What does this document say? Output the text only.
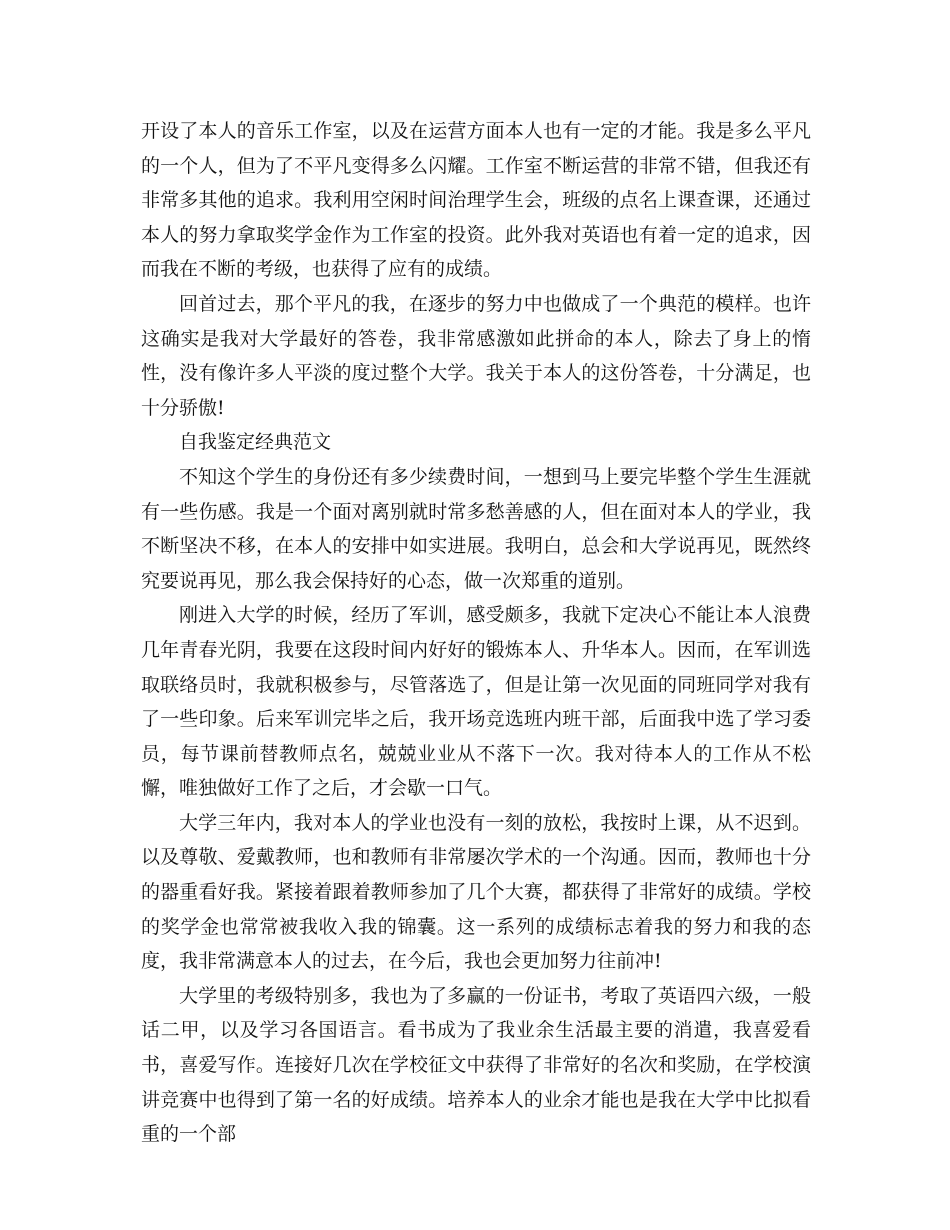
开设了本人的音乐工作室，以及在运营方面本人也有一定的才能。我是多么平凡的一个人，但为了不平凡变得多么闪耀。工作室不断运营的非常不错，但我还有非常多其他的追求。我利用空闲时间治理学生会，班级的点名上课查课，还通过本人的努力拿取奖学金作为工作室的投资。此外我对英语也有着一定的追求，因而我在不断的考级，也获得了应有的成绩。

回首过去，那个平凡的我，在逐步的努力中也做成了一个典范的模样。也许这确实是我对大学最好的答卷，我非常感激如此拼命的本人，除去了身上的惰性，没有像许多人平淡的度过整个大学。我关于本人的这份答卷，十分满足，也十分骄傲!

自我鉴定经典范文

不知这个学生的身份还有多少续费时间，一想到马上要完毕整个学生生涯就有一些伤感。我是一个面对离别就时常多愁善感的人，但在面对本人的学业，我不断坚决不移，在本人的安排中如实进展。我明白，总会和大学说再见，既然终究要说再见，那么我会保持好的心态，做一次郑重的道别。

刚进入大学的时候，经历了军训，感受颇多，我就下定决心不能让本人浪费几年青春光阴，我要在这段时间内好好的锻炼本人、升华本人。因而，在军训选取联络员时，我就积极参与，尽管落选了，但是让第一次见面的同班同学对我有了一些印象。后来军训完毕之后，我开场竞选班内班干部，后面我中选了学习委员，每节课前替教师点名，兢兢业业从不落下一次。我对待本人的工作从不松懈，唯独做好工作了之后，才会歇一口气。

大学三年内，我对本人的学业也没有一刻的放松，我按时上课，从不迟到。以及尊敬、爱戴教师，也和教师有非常屡次学术的一个沟通。因而，教师也十分的器重看好我。紧接着跟着教师参加了几个大赛，都获得了非常好的成绩。学校的奖学金也常常被我收入我的锦囊。这一系列的成绩标志着我的努力和我的态度，我非常满意本人的过去，在今后，我也会更加努力往前冲!

大学里的考级特别多，我也为了多赢的一份证书，考取了英语四六级，一般话二甲，以及学习各国语言。看书成为了我业余生活最主要的消遣，我喜爱看书，喜爱写作。连接好几次在学校征文中获得了非常好的名次和奖励，在学校演讲竞赛中也得到了第一名的好成绩。培养本人的业余才能也是我在大学中比拟看重的一个部
